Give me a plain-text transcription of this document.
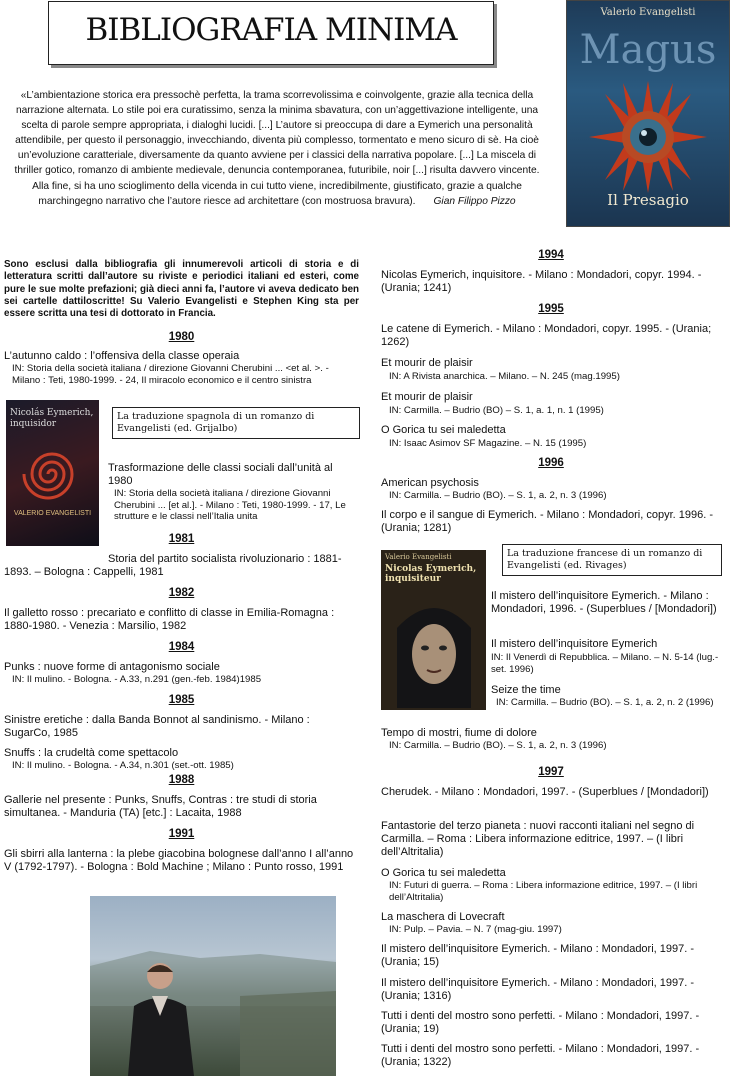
BIBLIOGRAFIA MINIMA	Valerio Evangelisti
Magus
Il Presagio
«L’ambientazione storica era pressochè perfetta, la trama scorrevolissima e coinvolgente, grazie alla tecnica della narrazione alternata. Lo stile poi era curatissimo, senza la minima sbavatura, con un’aggettivazione intelligente, una scelta di parole sempre appropriata, i dialoghi lucidi. [...] L’autore si preoccupa di dare a Eymerich una personalità attendibile, per questo il personaggio, invecchiando, diventa più complesso, tormentato e meno sicuro di sè. Ha cioè un’evoluzione caratteriale, diversamente da quanto avviene per i classici della narrativa popolare. [...] La miscela di thriller gotico, romanzo di ambiente medievale, denuncia contemporanea, futuribile, noir [...] risulta davvero vincente. Alla fine, si ha uno scioglimento della vicenda in cui tutto viene, incredibilmente, giustificato, grazie a qualche marchingegno narrativo che l’autore riesce ad architettare (con mostruosa bravura). Gian Filippo Pizzo
Sono esclusi dalla bibliografia gli innumerevoli articoli di storia e di letteratura scritti dall’autore su riviste e periodici italiani ed esteri, come pure le sue molte prefazioni; già dieci anni fa, l’autore vi aveva dedicato ben sei cartelle dattiloscritte! Su Valerio Evangelisti e Stephen King sta per essere scritta una tesi di dottorato in Francia.
1980
L’autunno caldo : l’offensiva della classe operaia
IN: Storia della società italiana / direzione Giovanni Cherubini ... <et al. >. - Milano : Teti, 1980-1999. - 24, Il miracolo economico e il centro sinistra
Nicolás Eymerich, inquisidor
VALERIO EVANGELISTI
La traduzione spagnola di un romanzo di Evangelisti (ed. Grijalbo)
Trasformazione delle classi sociali dall’unità al 1980
IN: Storia della società italiana / direzione Giovanni Cherubini ... [et al.]. - Milano : Teti, 1980-1999. - 17, Le strutture e le classi nell’Italia unita
1981
Storia del partito socialista rivoluzionario : 1881-1893. – Bologna : Cappelli, 1981
1982
Il galletto rosso : precariato e conflitto di classe in Emilia-Romagna : 1880-1980. - Venezia : Marsilio, 1982
1984
Punks : nuove forme di antagonismo sociale
IN: Il mulino. - Bologna. - A.33, n.291 (gen.-feb. 1984)1985
1985
Sinistre eretiche : dalla Banda Bonnot al sandinismo. - Milano : SugarCo, 1985
Snuffs : la crudeltà come spettacolo
IN: Il mulino. - Bologna. - A.34, n.301 (set.-ott. 1985)
1988
Gallerie nel presente : Punks, Snuffs, Contras : tre studi di storia simultanea. - Manduria (TA) [etc.] : Lacaita, 1988
1991
Gli sbirri alla lanterna : la plebe giacobina bolognese dall’anno I all’anno V (1792-1797). - Bologna : Bold Machine ; Milano : Punto rosso, 1991
1994
Nicolas Eymerich, inquisitore. - Milano : Mondadori, copyr. 1994. - (Urania; 1241)
1995
Le catene di Eymerich. - Milano : Mondadori, copyr. 1995. - (Urania; 1262)
Et mourir de plaisir
IN: A Rivista anarchica. – Milano. – N. 245 (mag.1995)
Et mourir de plaisir
IN: Carmilla. – Budrio (BO) – S. 1, a. 1, n. 1 (1995)
O Gorica tu sei maledetta
IN: Isaac Asimov SF Magazine. – N. 15 (1995)
1996
American psychosis
IN: Carmilla. – Budrio (BO). – S. 1, a. 2, n. 3 (1996)
Il corpo e il sangue di Eymerich. - Milano : Mondadori, copyr. 1996. - (Urania; 1281)
Valerio Evangelisti
Nicolas Eymerich, inquisiteur
La traduzione francese di un romanzo di Evangelisti (ed. Rivages)
Il mistero dell’inquisitore Eymerich. - Milano : Mondadori, 1996. - (Superblues / [Mondadori])
Il mistero dell’inquisitore Eymerich
IN: Il Venerdì di Repubblica. – Milano. – N. 5-14 (lug.-set. 1996)
Seize the time
IN: Carmilla. – Budrio (BO). – S. 1, a. 2, n. 2 (1996)
Tempo di mostri, fiume di dolore
IN: Carmilla. – Budrio (BO). – S. 1, a. 2, n. 3 (1996)
1997
Cherudek. - Milano : Mondadori, 1997. - (Superblues / [Mondadori])
Fantastorie del terzo pianeta : nuovi racconti italiani nel segno di Carmilla. – Roma : Libera informazione editrice, 1997. – (I libri dell’Altritalia)
O Gorica tu sei maledetta
IN: Futuri di guerra. – Roma : Libera informazione editrice, 1997. – (I libri dell’Altritalia)
La maschera di Lovecraft
IN: Pulp. – Pavia. – N. 7 (mag-giu. 1997)
Il mistero dell’inquisitore Eymerich. - Milano : Mondadori, 1997. - (Urania; 15)
Il mistero dell’inquisitore Eymerich. - Milano : Mondadori, 1997. - (Urania; 1316)
Tutti i denti del mostro sono perfetti. - Milano : Mondadori, 1997. - (Urania; 19)
Tutti i denti del mostro sono perfetti. - Milano : Mondadori, 1997. - (Urania; 1322)
